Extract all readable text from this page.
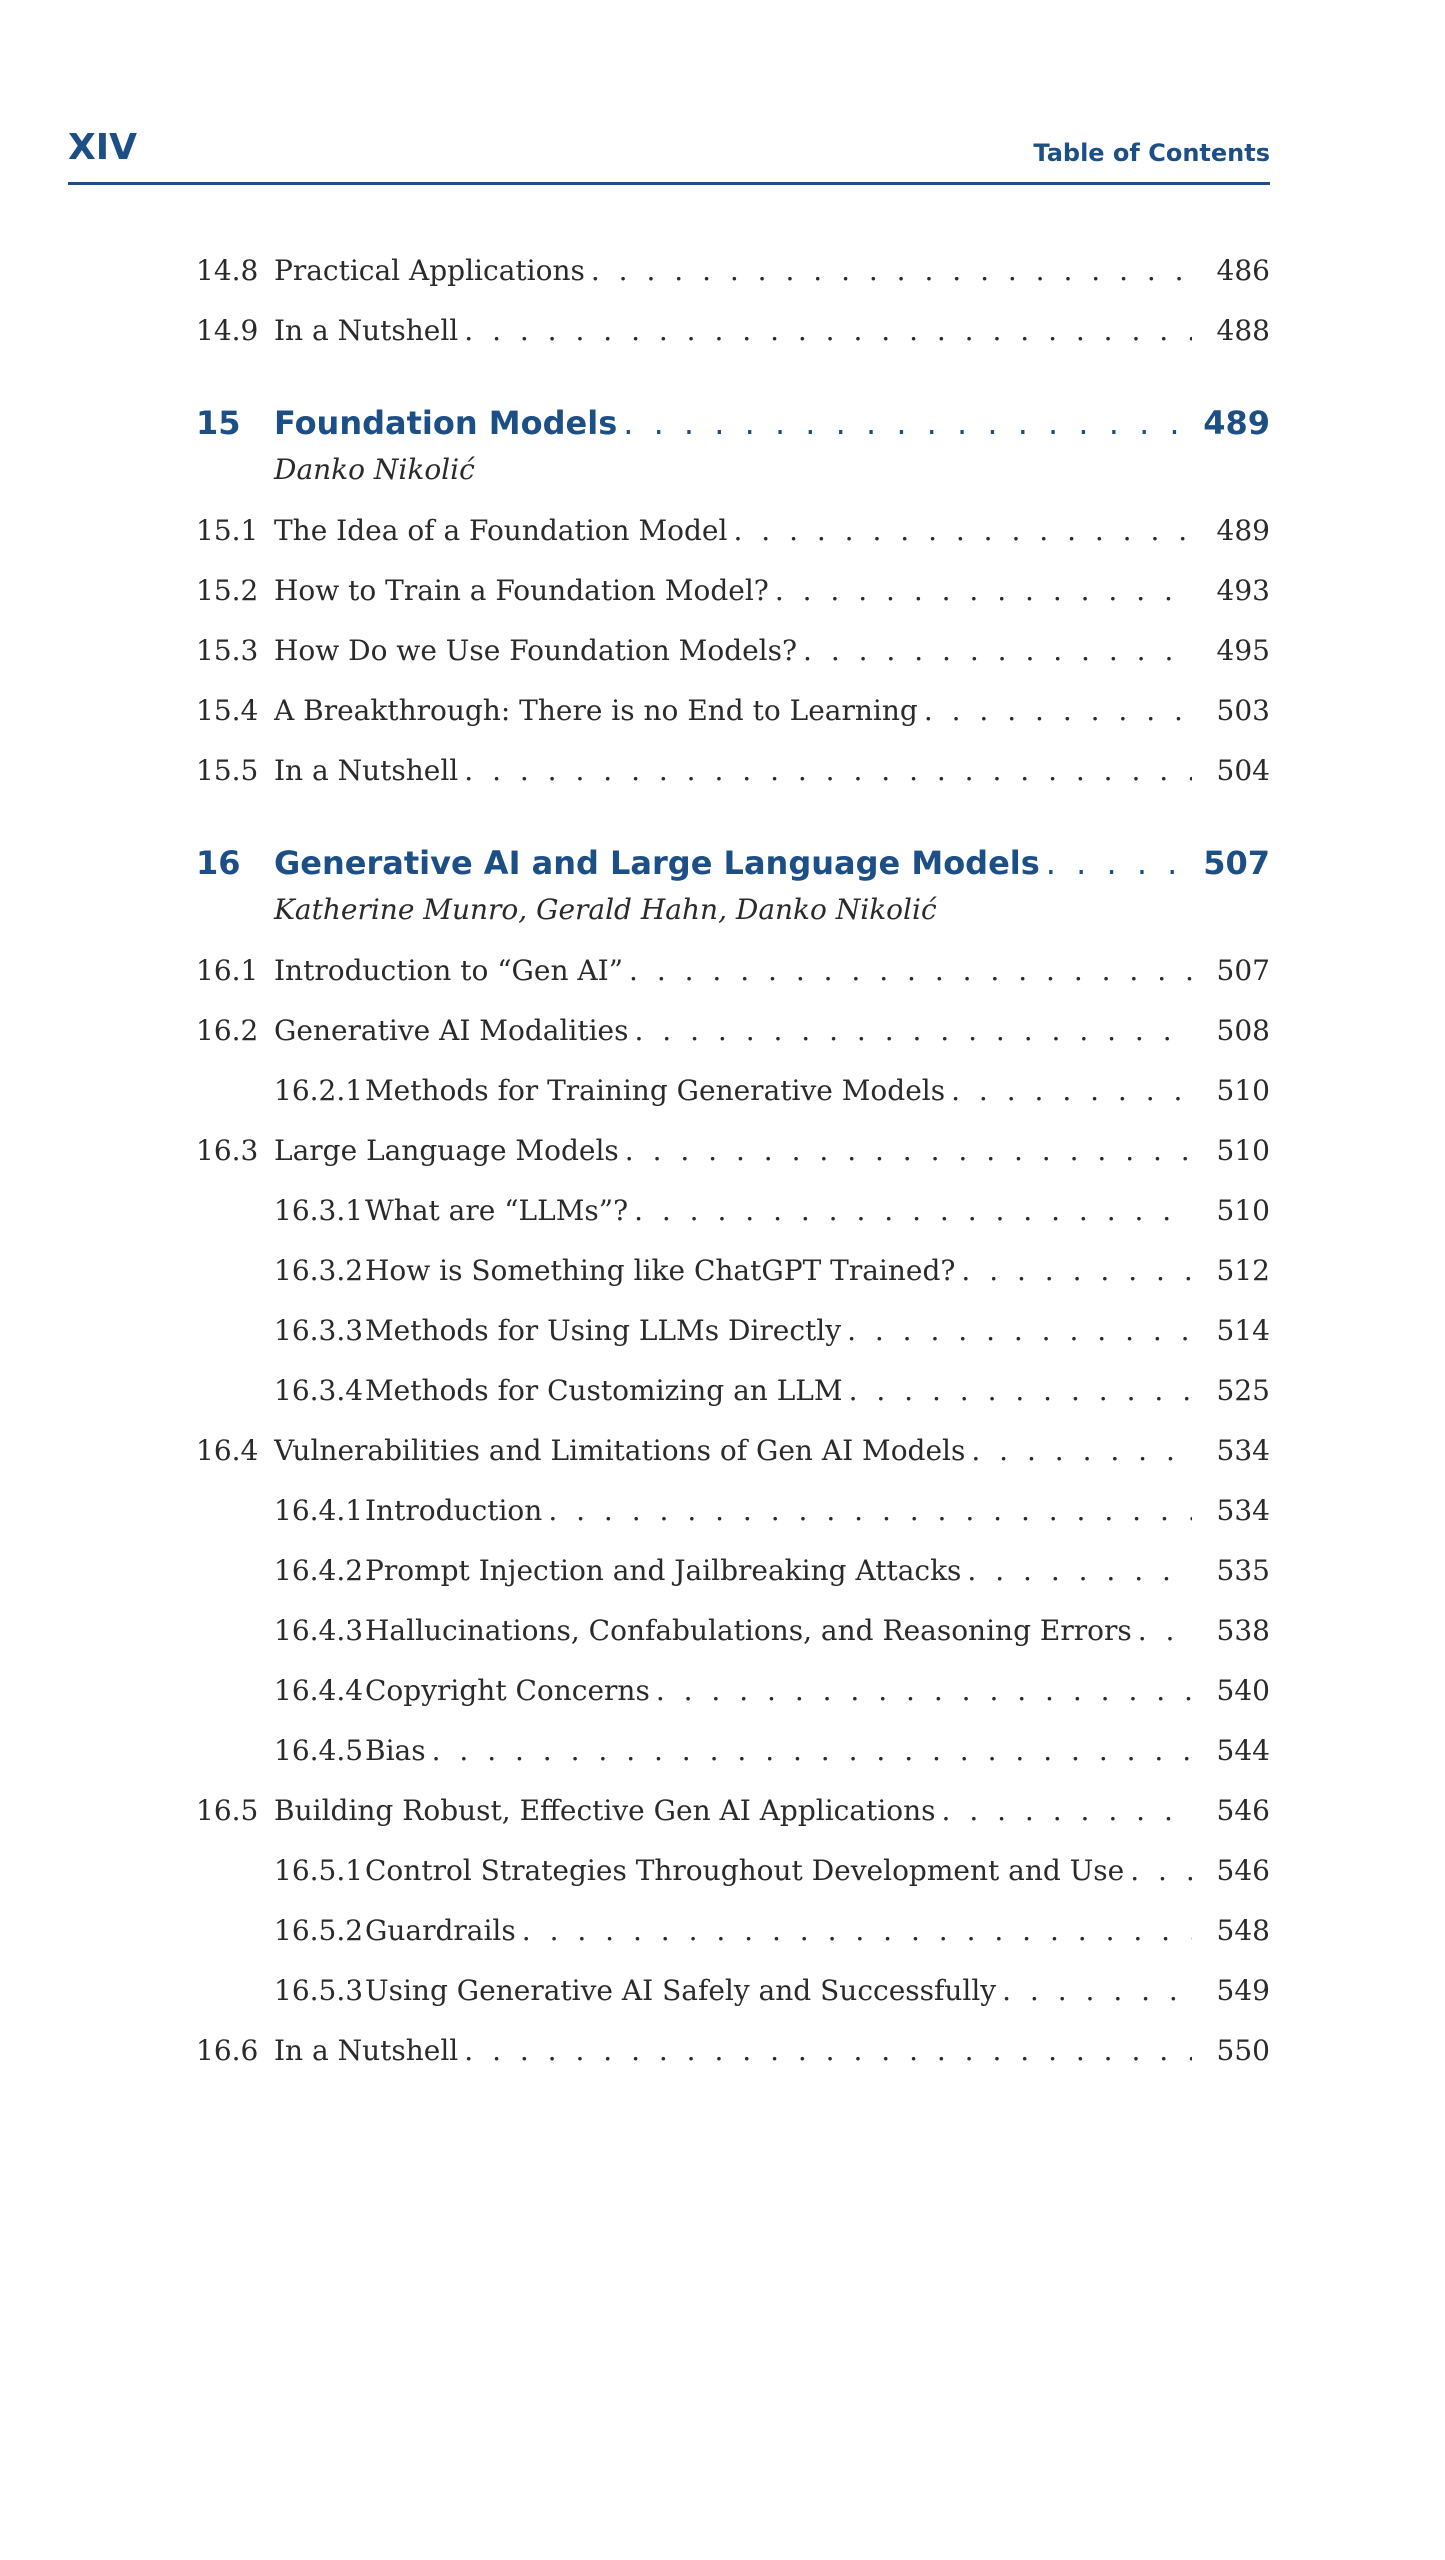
XIV	Table of Contents
14.8 Practical Applications . . .	486
14.9 In a Nutshell . . .	488
15 Foundation Models . . .	489
Danko Nikolić
15.1 The Idea of a Foundation Model . . .	489
15.2 How to Train a Foundation Model? . . .	493
15.3 How Do we Use Foundation Models? . . .	495
15.4 A Breakthrough: There is no End to Learning . . .	503
15.5 In a Nutshell . . .	504
16 Generative AI and Large Language Models . . .	507
Katherine Munro, Gerald Hahn, Danko Nikolić
16.1 Introduction to “Gen AI” . . .	507
16.2 Generative AI Modalities . . .	508
16.2.1 Methods for Training Generative Models . . .	510
16.3 Large Language Models . . .	510
16.3.1 What are “LLMs”? . . .	510
16.3.2 How is Something like ChatGPT Trained? . . .	512
16.3.3 Methods for Using LLMs Directly . . .	514
16.3.4 Methods for Customizing an LLM . . .	525
16.4 Vulnerabilities and Limitations of Gen AI Models . . .	534
16.4.1 Introduction . . .	534
16.4.2 Prompt Injection and Jailbreaking Attacks . . .	535
16.4.3 Hallucinations, Confabulations, and Reasoning Errors . . .	538
16.4.4 Copyright Concerns . . .	540
16.4.5 Bias . . .	544
16.5 Building Robust, Effective Gen AI Applications . . .	546
16.5.1 Control Strategies Throughout Development and Use . . .	546
16.5.2 Guardrails . . .	548
16.5.3 Using Generative AI Safely and Successfully . . .	549
16.6 In a Nutshell . . .	550
